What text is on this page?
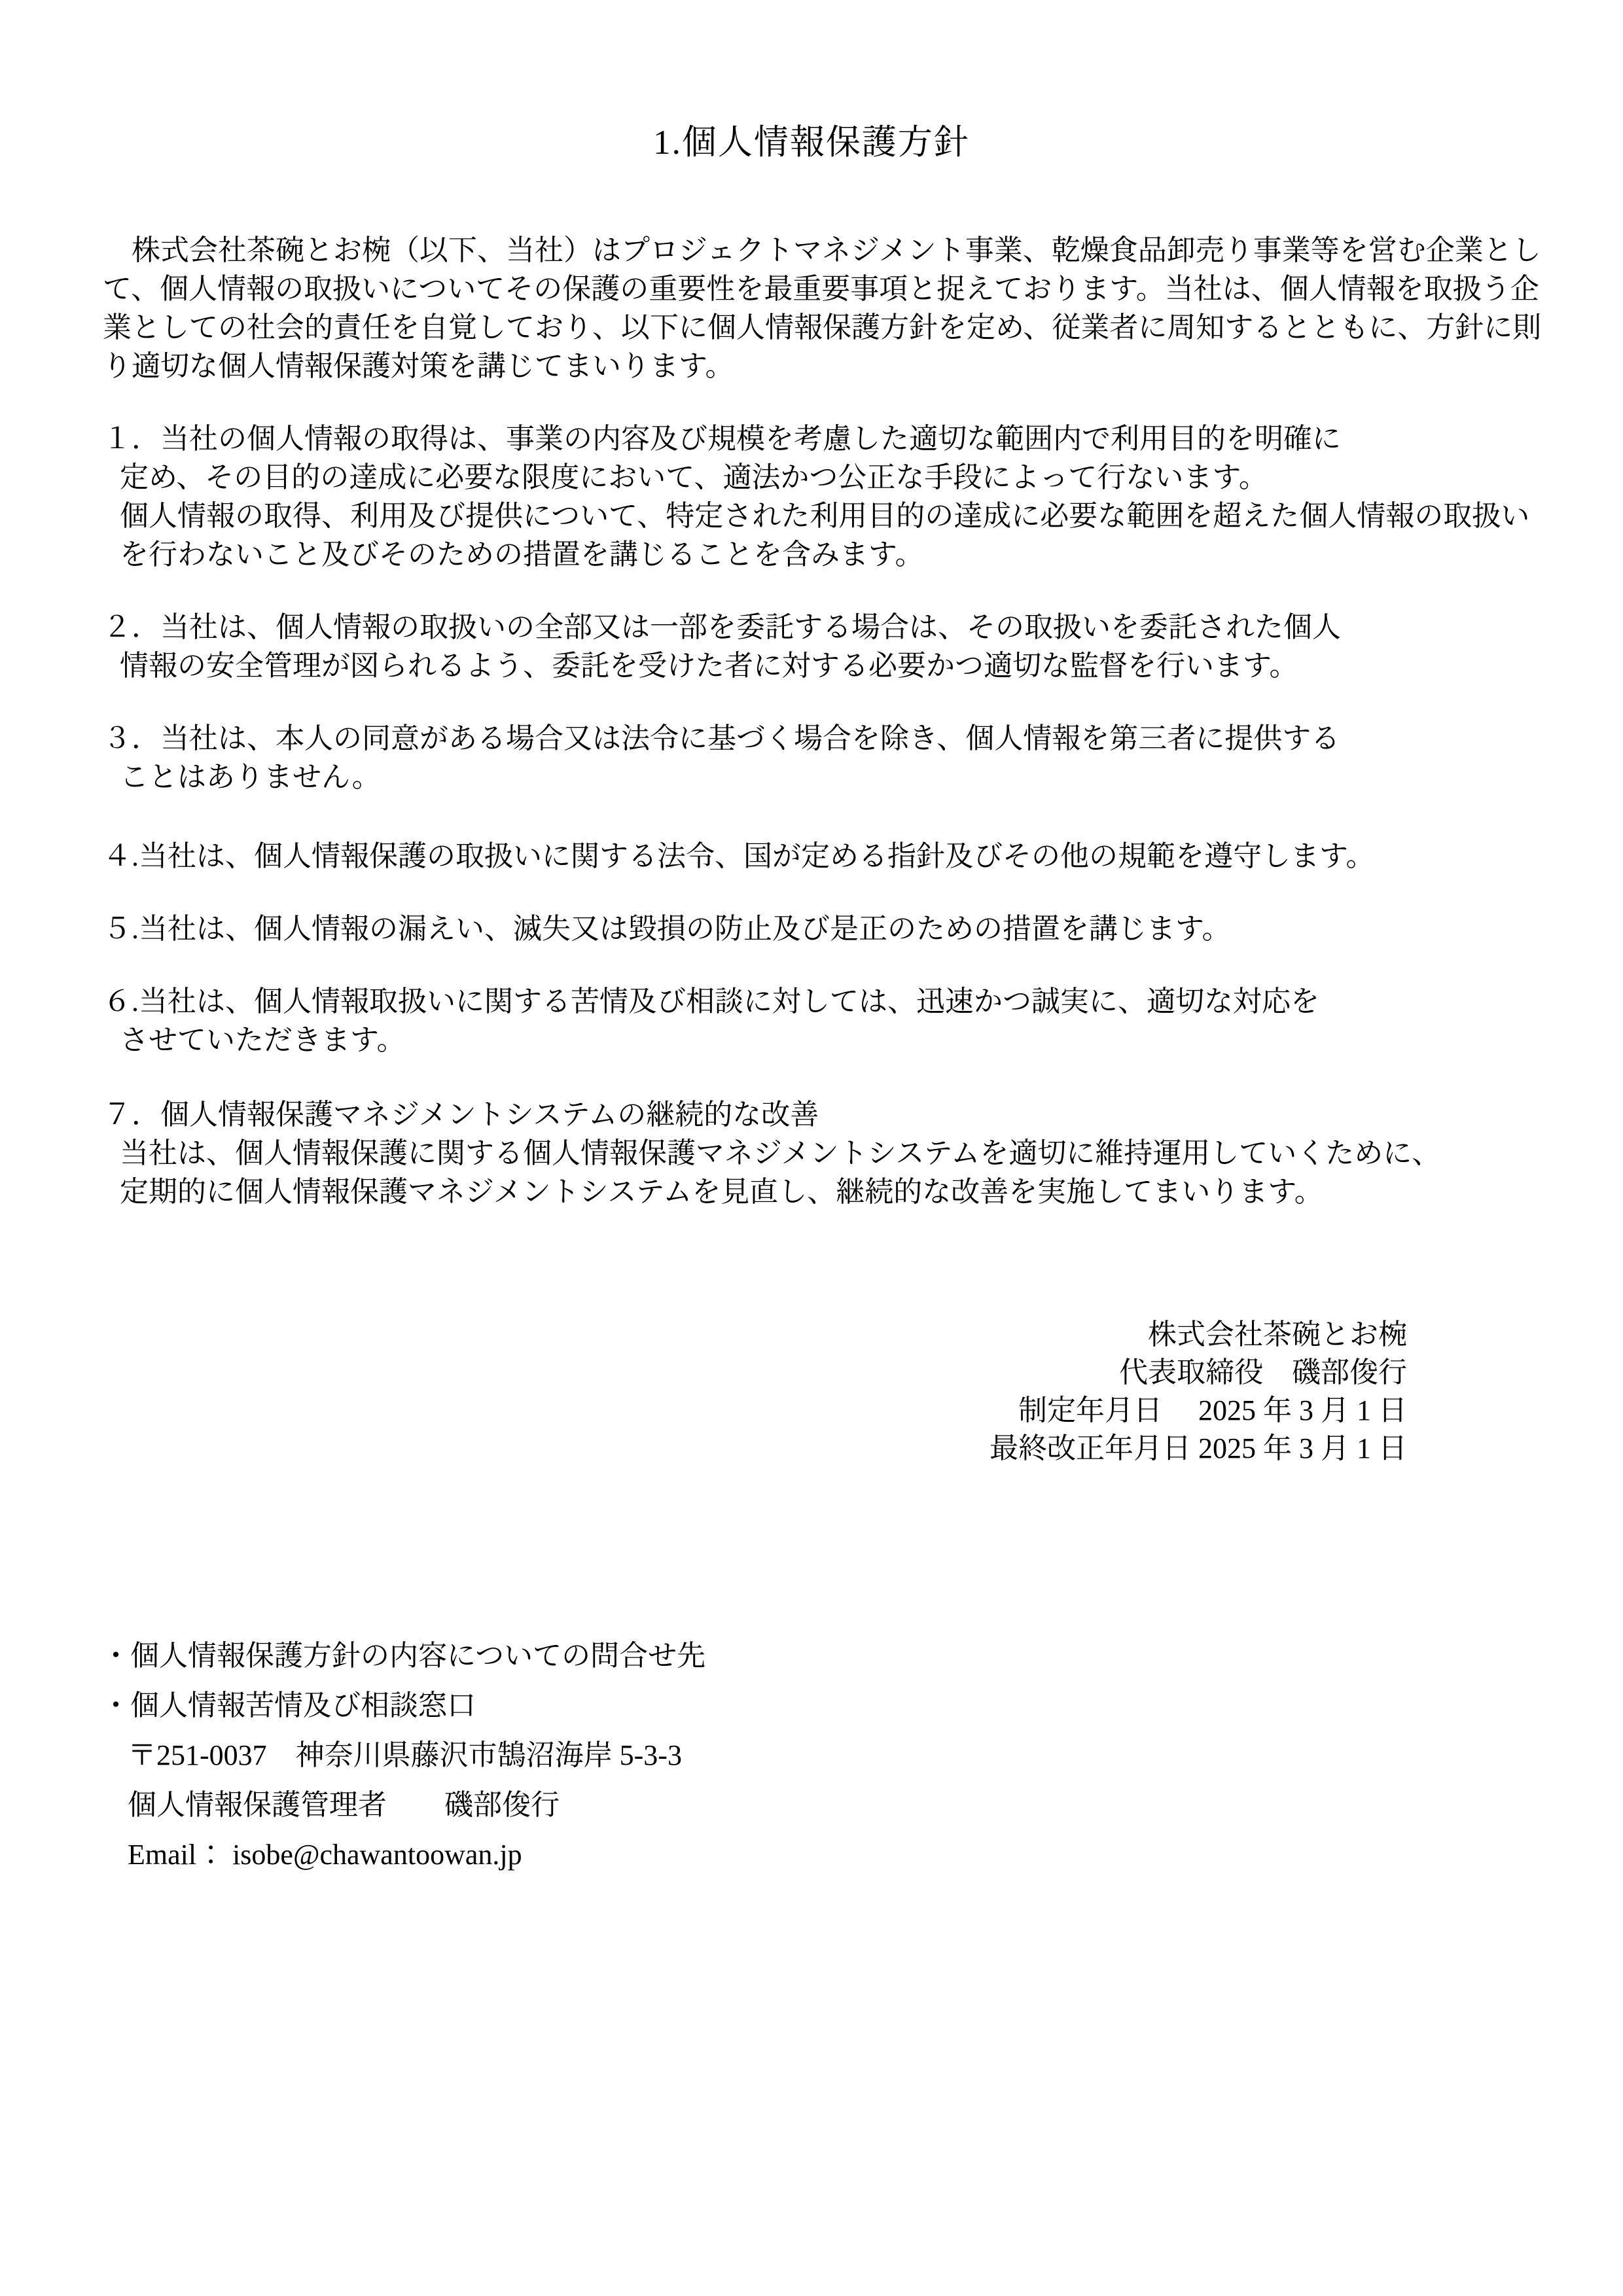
1.個人情報保護方針
株式会社茶碗とお椀（以下、当社）はプロジェクトマネジメント事業、乾燥食品卸売り事業等を営む企業とし
て、個人情報の取扱いについてその保護の重要性を最重要事項と捉えております。当社は、個人情報を取扱う企
業としての社会的責任を自覚しており、以下に個人情報保護方針を定め、従業者に周知するとともに、方針に則
り適切な個人情報保護対策を講じてまいります。
１．当社の個人情報の取得は、事業の内容及び規模を考慮した適切な範囲内で利用目的を明確に
定め、その目的の達成に必要な限度において、適法かつ公正な手段によって行ないます。
個人情報の取得、利用及び提供について、特定された利用目的の達成に必要な範囲を超えた個人情報の取扱い
を行わないこと及びそのための措置を講じることを含みます。
２．当社は、個人情報の取扱いの全部又は一部を委託する場合は、その取扱いを委託された個人
情報の安全管理が図られるよう、委託を受けた者に対する必要かつ適切な監督を行います。
３．当社は、本人の同意がある場合又は法令に基づく場合を除き、個人情報を第三者に提供する
ことはありません。
４.当社は、個人情報保護の取扱いに関する法令、国が定める指針及びその他の規範を遵守します。
５.当社は、個人情報の漏えい、滅失又は毀損の防止及び是正のための措置を講じます。
６.当社は、個人情報取扱いに関する苦情及び相談に対しては、迅速かつ誠実に、適切な対応を
させていただきます。
７．個人情報保護マネジメントシステムの継続的な改善
当社は、個人情報保護に関する個人情報保護マネジメントシステムを適切に維持運用していくために、
定期的に個人情報保護マネジメントシステムを見直し、継続的な改善を実施してまいります。
株式会社茶碗とお椀
代表取締役　磯部俊行
制定年月日　 2025 年 3 月 1 日
最終改正年月日 2025 年 3 月 1 日
・個人情報保護方針の内容についての問合せ先
・個人情報苦情及び相談窓口
〒251-0037　神奈川県藤沢市鵠沼海岸 5-3-3
個人情報保護管理者　　磯部俊行
Email： isobe@chawantoowan.jp
